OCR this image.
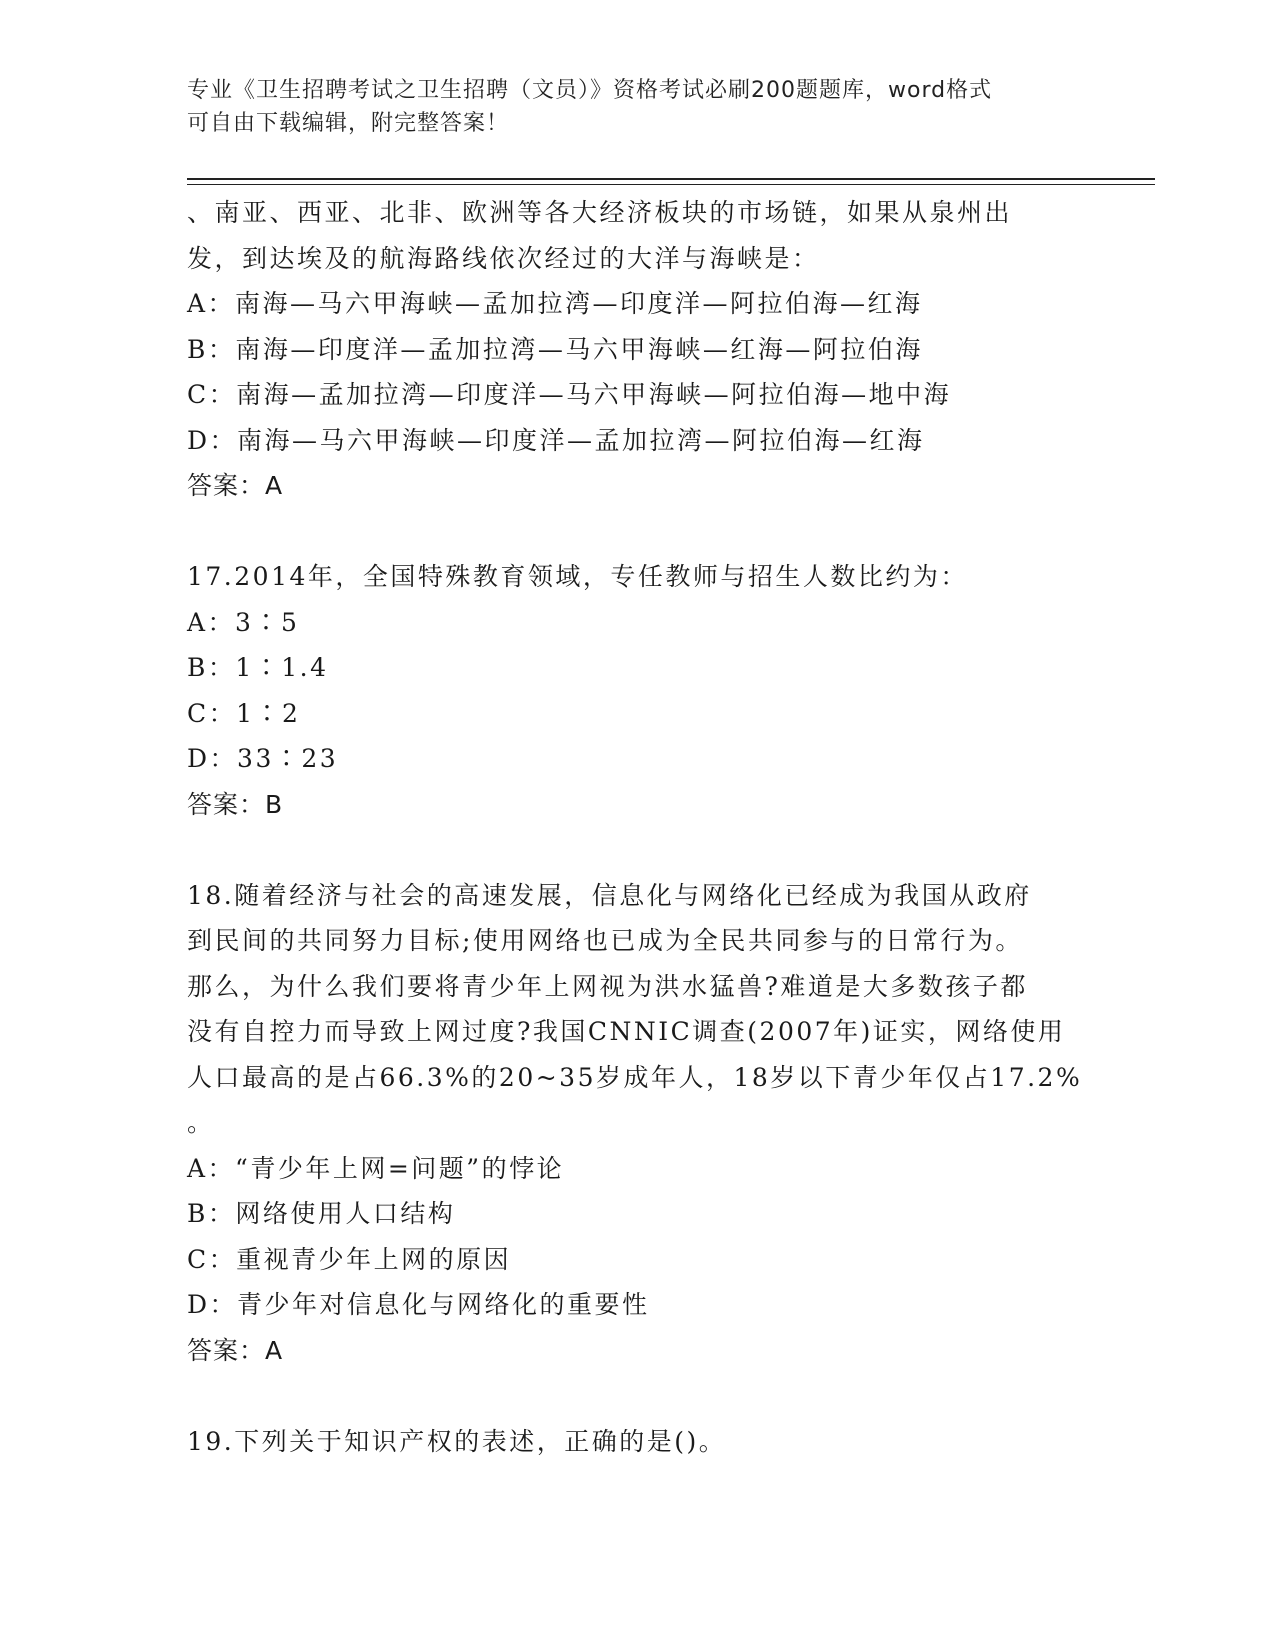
专业《卫生招聘考试之卫生招聘（文员）》资格考试必刷200题题库，word格式
可自由下载编辑，附完整答案！
、南亚、西亚、北非、欧洲等各大经济板块的市场链，如果从泉州出
发，到达埃及的航海路线依次经过的大洋与海峡是：
A：南海—马六甲海峡—孟加拉湾—印度洋—阿拉伯海—红海
B：南海—印度洋—孟加拉湾—马六甲海峡—红海—阿拉伯海
C：南海—孟加拉湾—印度洋—马六甲海峡—阿拉伯海—地中海
D：南海—马六甲海峡—印度洋—孟加拉湾—阿拉伯海—红海
答案：A
17.2014年，全国特殊教育领域，专任教师与招生人数比约为：
A：3∶5
B：1∶1.4
C：1∶2
D：33∶23
答案：B
18.随着经济与社会的高速发展，信息化与网络化已经成为我国从政府
到民间的共同努力目标;使用网络也已成为全民共同参与的日常行为。
那么，为什么我们要将青少年上网视为洪水猛兽?难道是大多数孩子都
没有自控力而导致上网过度?我国CNNIC调查(2007年)证实，网络使用
人口最高的是占66.3%的20~35岁成年人，18岁以下青少年仅占17.2%
。
A：“青少年上网=问题”的悖论
B：网络使用人口结构
C：重视青少年上网的原因
D：青少年对信息化与网络化的重要性
答案：A
19.下列关于知识产权的表述，正确的是()。
